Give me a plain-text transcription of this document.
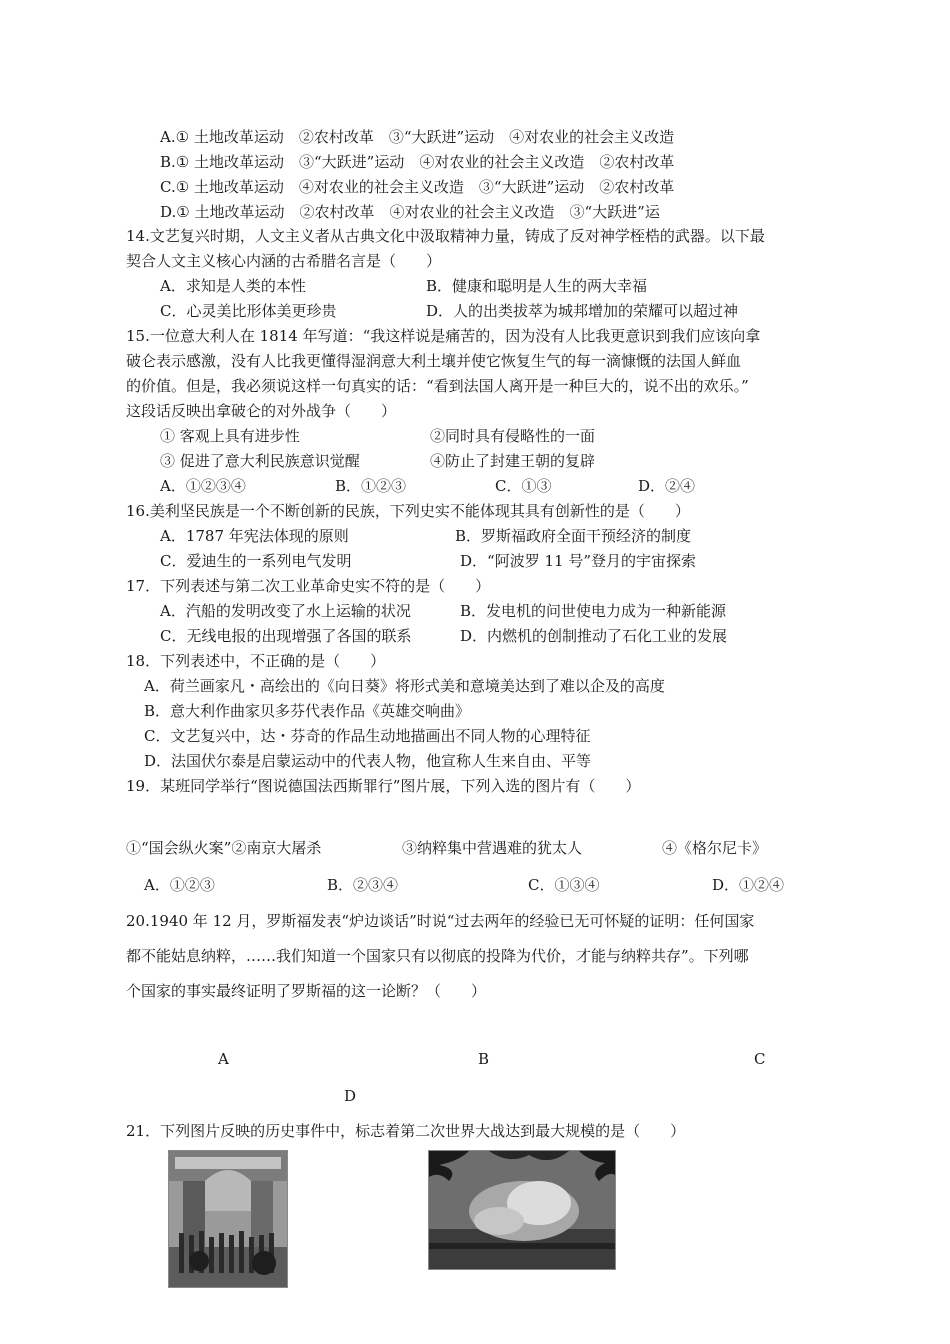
A.① 土地改革运动　②农村改革　③“大跃进”运动　④对农业的社会主义改造
B.① 土地改革运动　③“大跃进”运动　④对农业的社会主义改造　②农村改革
C.① 土地改革运动　④对农业的社会主义改造　③“大跃进”运动　②农村改革
D.① 土地改革运动　②农村改革　④对农业的社会主义改造　③“大跃进”运
14.文艺复兴时期，人文主义者从古典文化中汲取精神力量，铸成了反对神学桎梏的武器。以下最
契合人文主义核心内涵的古希腊名言是（　　）
A．求知是人类的本性	B．健康和聪明是人生的两大幸福
C．心灵美比形体美更珍贵	D．人的出类拔萃为城邦增加的荣耀可以超过神
15.一位意大利人在 1814 年写道：“我这样说是痛苦的，因为没有人比我更意识到我们应该向拿
破仑表示感激，没有人比我更懂得湿润意大利土壤并使它恢复生气的每一滴慷慨的法国人鲜血
的价值。但是，我必须说这样一句真实的话：“看到法国人离开是一种巨大的，说不出的欢乐。”
这段话反映出拿破仑的对外战争（　　）
① 客观上具有进步性	②同时具有侵略性的一面
③ 促进了意大利民族意识觉醒	④防止了封建王朝的复辟
A．①②③④	B．①②③	C．①③	D．②④
16.美利坚民族是一个不断创新的民族，下列史实不能体现其具有创新性的是（　　）
A．1787 年宪法体现的原则	B．罗斯福政府全面干预经济的制度
C．爱迪生的一系列电气发明	D．“阿波罗 11 号”登月的宇宙探索
17．下列表述与第二次工业革命史实不符的是（　　）
A．汽船的发明改变了水上运输的状况	B．发电机的问世使电力成为一种新能源
C．无线电报的出现增强了各国的联系	D．内燃机的创制推动了石化工业的发展
18．下列表述中，不正确的是（　　）
A．荷兰画家凡・高绘出的《向日葵》将形式美和意境美达到了难以企及的高度
B．意大利作曲家贝多芬代表作品《英雄交响曲》
C．文艺复兴中，达・芬奇的作品生动地描画出不同人物的心理特征
D．法国伏尔泰是启蒙运动中的代表人物，他宣称人生来自由、平等
19．某班同学举行“图说德国法西斯罪行”图片展，下列入选的图片有（　　）
①“国会纵火案”②南京大屠杀	③纳粹集中营遇难的犹太人	④《格尔尼卡》
A．①②③	B．②③④	C．①③④	D．①②④
20.1940 年 12 月，罗斯福发表“炉边谈话”时说“过去两年的经验已无可怀疑的证明：任何国家
都不能姑息纳粹，……我们知道一个国家只有以彻底的投降为代价，才能与纳粹共存”。下列哪
个国家的事实最终证明了罗斯福的这一论断？（　　）
A	B	C
D
21．下列图片反映的历史事件中，标志着第二次世界大战达到最大规模的是（　　）
